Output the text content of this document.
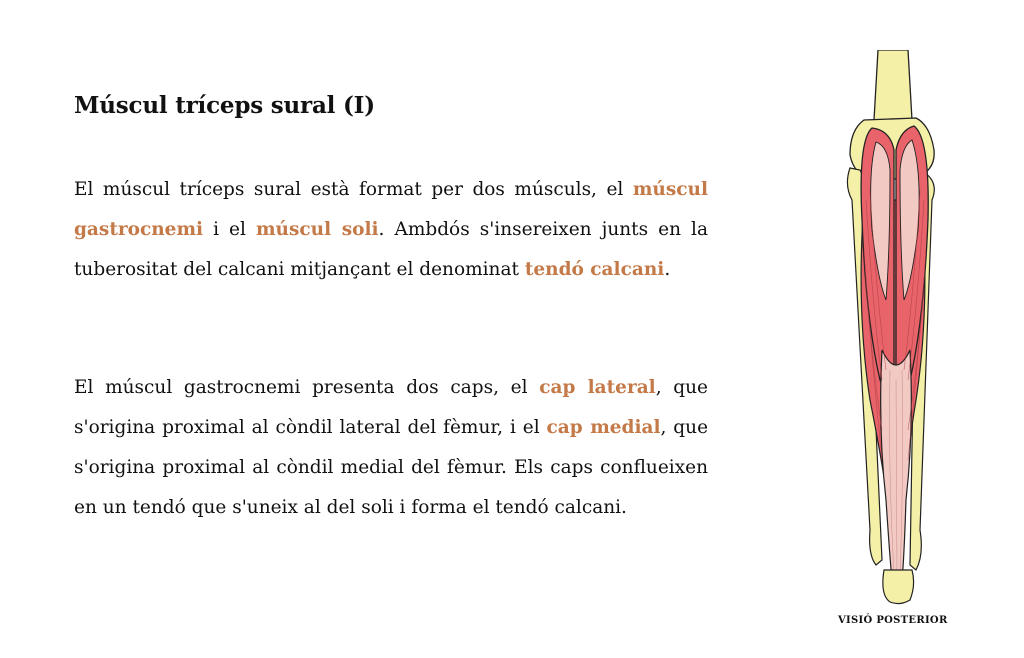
Múscul tríceps sural (I)
El múscul tríceps sural està format per dos músculs, el múscul gastrocnemi i el múscul soli. Ambdós s'insereixen junts en la tuberositat del calcani mitjançant el denominat tendó calcani.
El múscul gastrocnemi presenta dos caps, el cap lateral, que s'origina proximal al còndil lateral del fèmur, i el cap medial, que s'origina proximal al còndil medial del fèmur. Els caps conflueixen en un tendó que s'uneix al del soli i forma el tendó calcani.
VISIÓ POSTERIOR
